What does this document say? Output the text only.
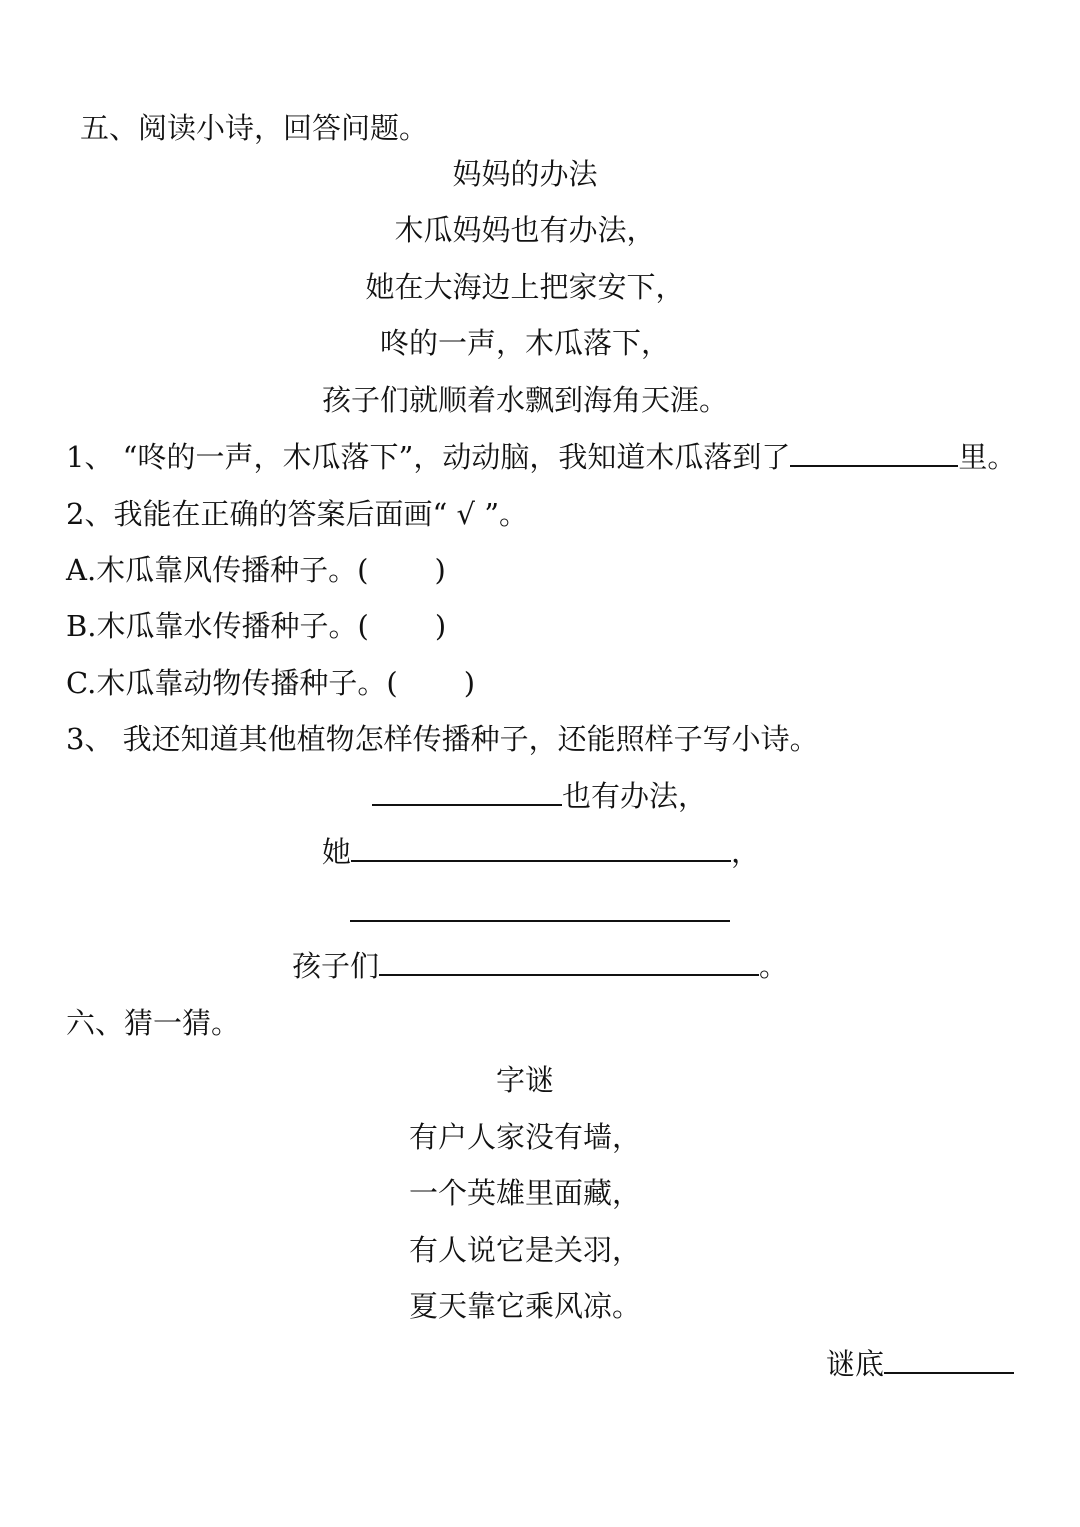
五、阅读小诗，回答问题。
妈妈的办法
木瓜妈妈也有办法，
她在大海边上把家安下，
咚的一声，木瓜落下，
孩子们就顺着水飘到海角天涯。
1、 “咚的一声，木瓜落下”，动动脑，我知道木瓜落到了	里。
2、我能在正确的答案后面画“ √ ”。
A.木瓜靠风传播种子。( )
B.木瓜靠水传播种子。( )
C.木瓜靠动物传播种子。( )
3、 我还知道其他植物怎样传播种子，还能照样子写小诗。
也有办法，
她	，
孩子们	。
六、猜一猜。
字谜
有户人家没有墙，
一个英雄里面藏，
有人说它是关羽，
夏天靠它乘风凉。
谜底
